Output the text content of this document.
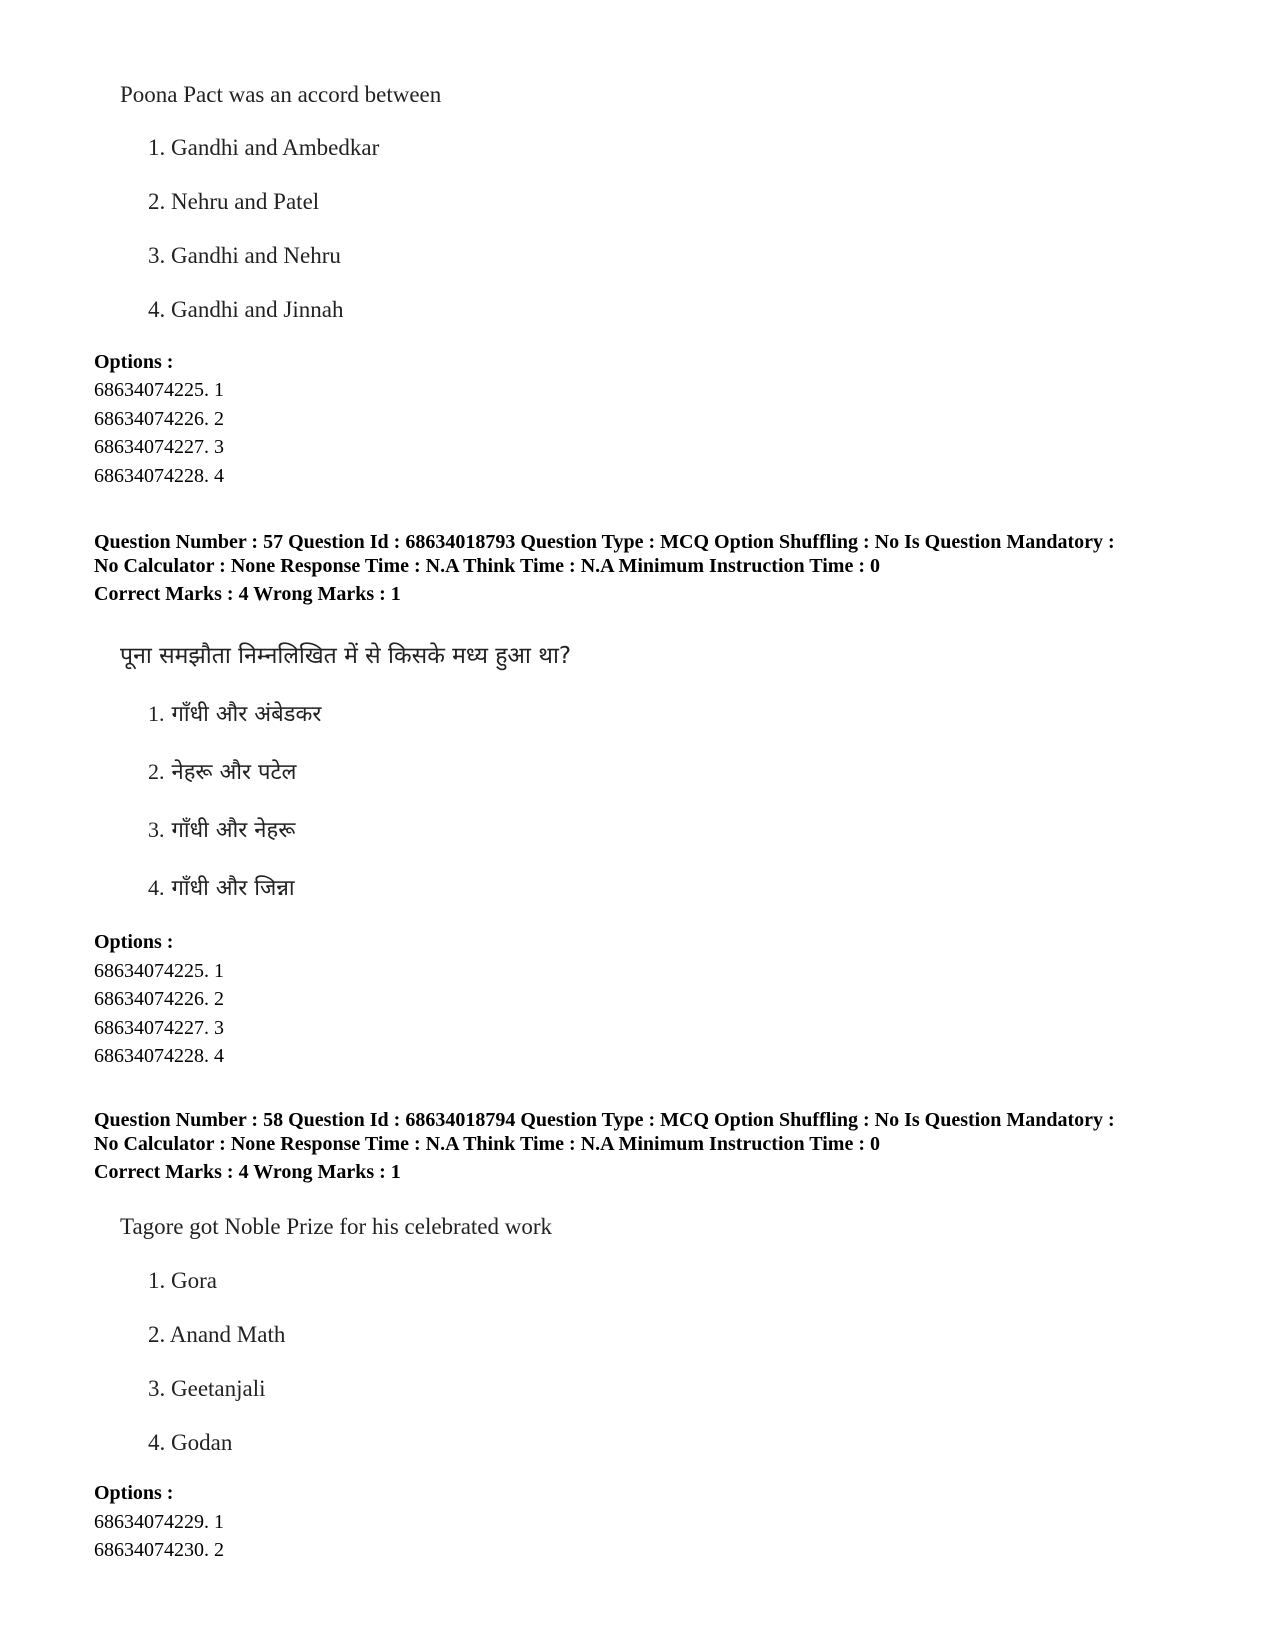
Poona Pact was an accord between

1. Gandhi and Ambedkar

2. Nehru and Patel

3. Gandhi and Nehru

4. Gandhi and Jinnah

Options :

68634074225. 1

68634074226. 2

68634074227. 3

68634074228. 4

Question Number : 57 Question Id : 68634018793 Question Type : MCQ Option Shuffling : No Is Question Mandatory :

No Calculator : None Response Time : N.A Think Time : N.A Minimum Instruction Time : 0

Correct Marks : 4 Wrong Marks : 1

पूना समझौता निम्नलिखित में से किसके मध्य हुआ था?

1. गाँधी और अंबेडकर

2. नेहरू और पटेल

3. गाँधी और नेहरू

4. गाँधी और जिन्ना

Options :

68634074225. 1

68634074226. 2

68634074227. 3

68634074228. 4

Question Number : 58 Question Id : 68634018794 Question Type : MCQ Option Shuffling : No Is Question Mandatory :

No Calculator : None Response Time : N.A Think Time : N.A Minimum Instruction Time : 0

Correct Marks : 4 Wrong Marks : 1

Tagore got Noble Prize for his celebrated work

1. Gora

2. Anand Math

3. Geetanjali

4. Godan

Options :

68634074229. 1

68634074230. 2
